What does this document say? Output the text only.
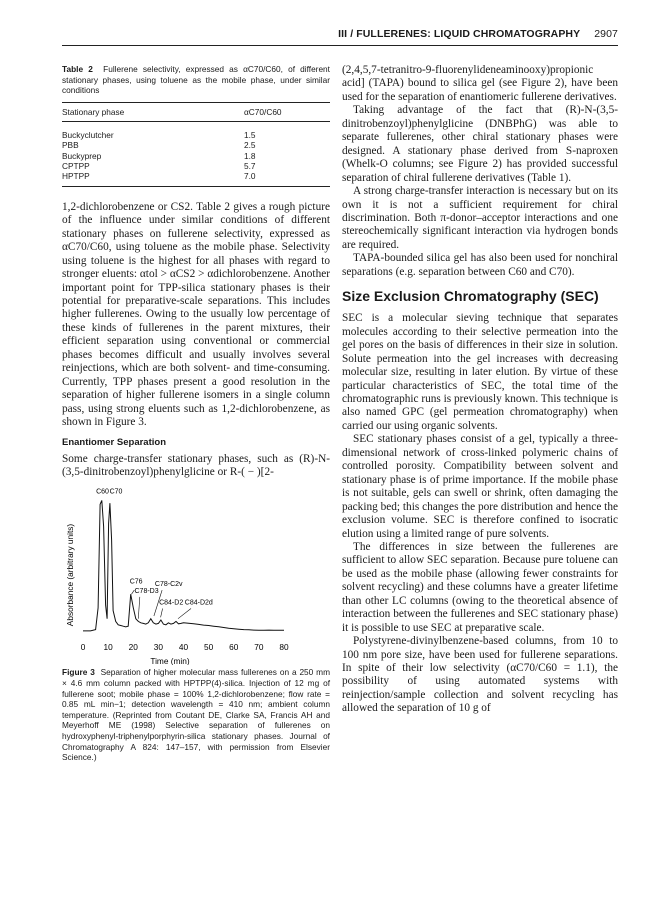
III / FULLERENES: LIQUID CHROMATOGRAPHY 2907

Table 2 Fullerene selectivity, expressed as αC70/C60, of different stationary phases, using toluene as the mobile phase, under similar conditions

Stationary phase	αC70/C60
Buckyclutcher	1.5
PBB	2.5
Buckyprep	1.8
CPTPP	5.7
HPTPP	7.0

1,2-dichlorobenzene or CS2. Table 2 gives a rough picture of the influence under similar conditions of different stationary phases on fullerene selectivity, expressed as αC70/C60, using toluene as the mobile phase. Selectivity using toluene is the highest for all phases with regard to stronger eluents: αtol > αCS2 > αdichlorobenzene. Another important point for TPP-silica stationary phases is their potential for preparative-scale separations. This includes higher fullerenes. Owing to the usually low percentage of these kinds of fullerenes in the parent mixtures, their efficient separation using conventional or commercial phases becomes difficult and usually involves several reinjections, which are both solvent- and time-consuming. Currently, TPP phases present a good resolution in the separation of higher fullerene isomers in a single column pass, using strong eluents such as 1,2-dichlorobenzene, as shown in Figure 3.

Enantiomer Separation

Some charge-transfer stationary phases, such as (R)-N-(3,5-dinitrobenzoyl)phenylglicine or R-( − )[2-

Absorbance (arbitrary units)
0 10 20 30 40 50 60 70 80
Time (min)
C60 C70
C76 C78-C2v
C78-D3
C84-D2 C84-D2d

Figure 3 Separation of higher molecular mass fullerenes on a 250 mm × 4.6 mm column packed with HPTPP(4)-silica. Injection of 12 mg of fullerene soot; mobile phase = 100% 1,2-dichlorobenzene; flow rate = 0.85 mL min−1; detection wavelength = 410 nm; ambient column temperature. (Reprinted from Coutant DE, Clarke SA, Francis AH and Meyerhoff ME (1998) Selective separation of fullerenes on hydroxyphenyl-triphenylporphyrin-silica stationary phases. Journal of Chromatography A 824: 147–157, with permission from Elsevier Science.)

(2,4,5,7-tetranitro-9-fluorenylideneaminooxy)propionic acid] (TAPA) bound to silica gel (see Figure 2), have been used for the separation of enantiomeric fullerene derivatives.

Taking advantage of the fact that (R)-N-(3,5-dinitrobenzoyl)phenylglicine (DNBPhG) was able to separate fullerenes, other chiral stationary phases were designed. A stationary phase derived from S-naproxen (Whelk-O columns; see Figure 2) has provided successful separation of chiral fullerene derivatives (Table 1).

A strong charge-transfer interaction is necessary but on its own it is not a sufficient requirement for chiral discrimination. Both π-donor–acceptor interactions and one stereochemically significant interaction via hydrogen bonds are required.

TAPA-bounded silica gel has also been used for nonchiral separations (e.g. separation between C60 and C70).

Size Exclusion Chromatography (SEC)

SEC is a molecular sieving technique that separates molecules according to their selective permeation into the gel pores on the basis of differences in their size in solution. Solute permeation into the gel increases with decreasing molecular size, resulting in later elution. By virtue of these particular characteristics of SEC, the total time of the chromatographic runs is previously known. This technique is also named GPC (gel permeation chromatography) when carried our using organic solvents.

SEC stationary phases consist of a gel, typically a three-dimensional network of cross-linked polymeric chains of controlled porosity. Compatibility between solvent and stationary phase is of prime importance. If the mobile phase is not suitable, gels can swell or shrink, often damaging the packing bed; this changes the pore distribution and hence the exclusion volume. SEC is therefore confined to isocratic elution using a limited range of pure solvents.

The differences in size between the fullerenes are sufficient to allow SEC separation. Because pure toluene can be used as the mobile phase (allowing fewer constraints for solvent recycling) and these columns have a greater lifetime than other LC columns (owing to the theoretical absence of interaction between the fullerenes and SEC stationary phase) it is possible to use SEC at preparative scale.

Polystyrene-divinylbenzene-based columns, from 10 to 100 nm pore size, have been used for fullerene separations. In spite of their low selectivity (αC70/C60 = 1.1), the possibility of using automated systems with reinjection/sample collection and solvent recycling has allowed the separation of 10 g of
